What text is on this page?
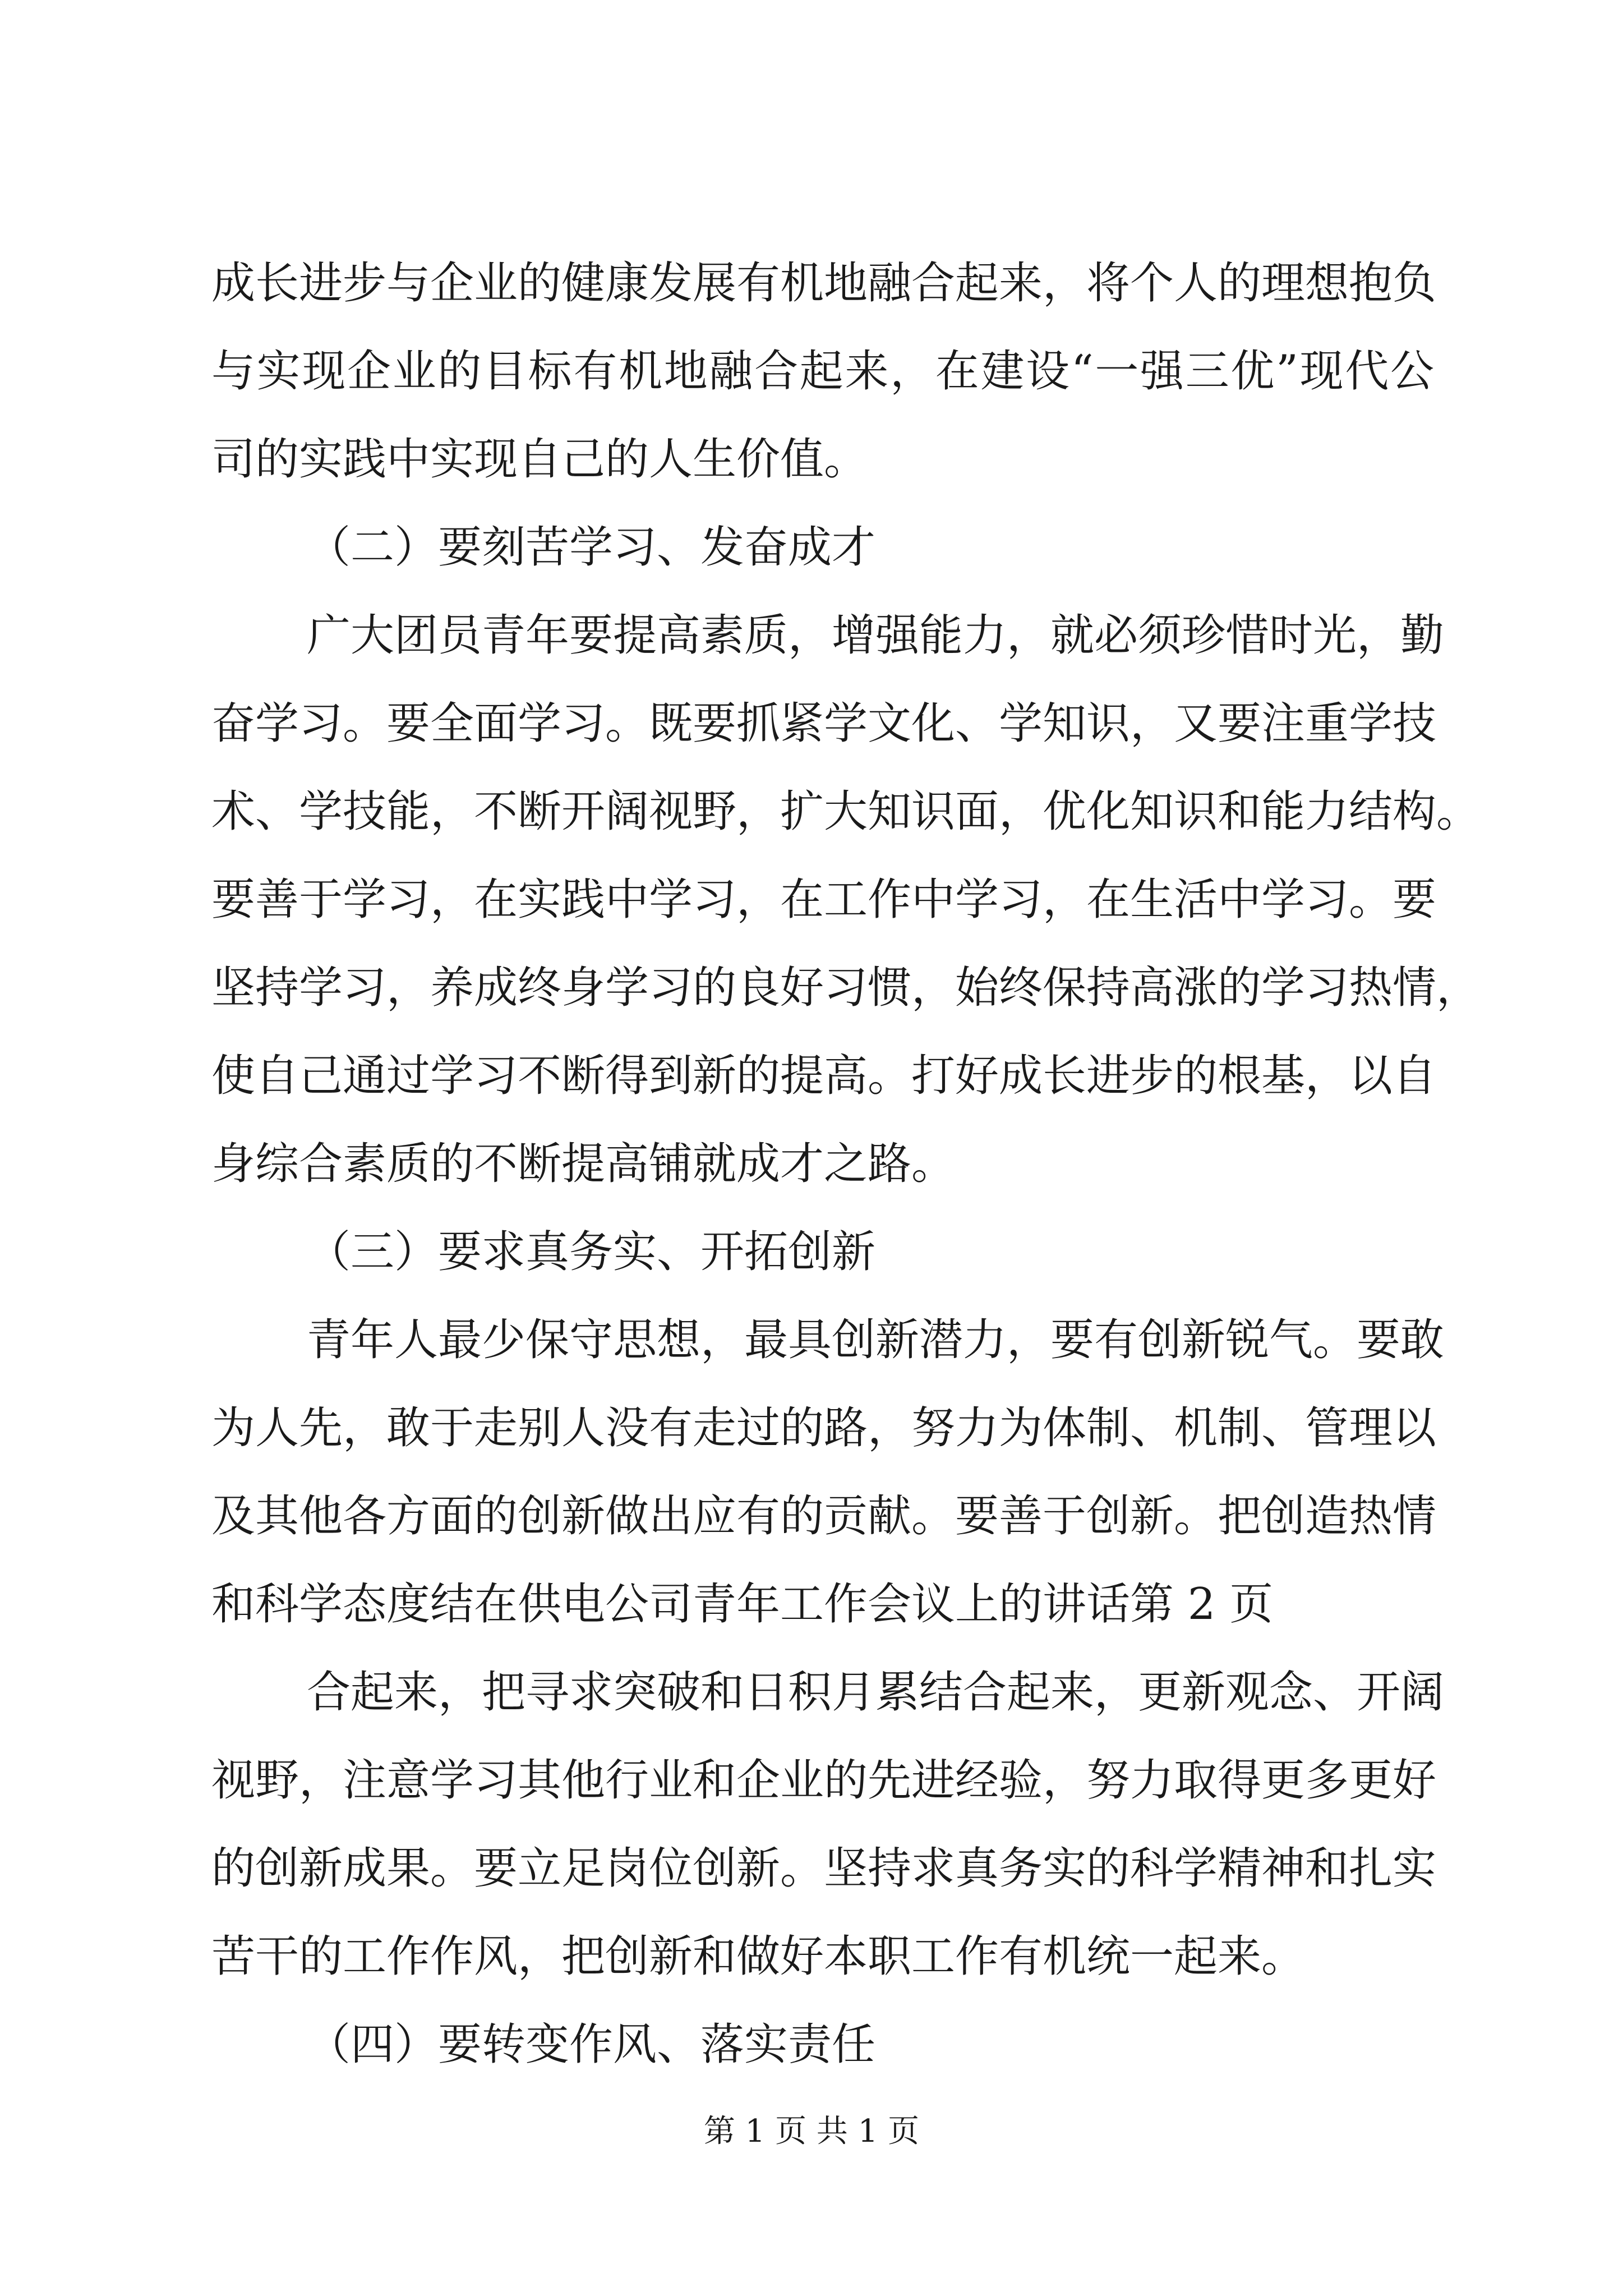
成长进步与企业的健康发展有机地融合起来，将个人的理想抱负
与实现企业的目标有机地融合起来，在建设“一强三优”现代公
司的实践中实现自己的人生价值。
（二）要刻苦学习、发奋成才
广大团员青年要提高素质，增强能力，就必须珍惜时光，勤
奋学习。要全面学习。既要抓紧学文化、学知识，又要注重学技
术、学技能，不断开阔视野，扩大知识面，优化知识和能力结构。
要善于学习，在实践中学习，在工作中学习，在生活中学习。要
坚持学习，养成终身学习的良好习惯，始终保持高涨的学习热情，
使自己通过学习不断得到新的提高。打好成长进步的根基，以自
身综合素质的不断提高铺就成才之路。
（三）要求真务实、开拓创新
青年人最少保守思想，最具创新潜力，要有创新锐气。要敢
为人先，敢于走别人没有走过的路，努力为体制、机制、管理以
及其他各方面的创新做出应有的贡献。要善于创新。把创造热情
和科学态度结在供电公司青年工作会议上的讲话第 2 页
合起来，把寻求突破和日积月累结合起来，更新观念、开阔
视野，注意学习其他行业和企业的先进经验，努力取得更多更好
的创新成果。要立足岗位创新。坚持求真务实的科学精神和扎实
苦干的工作作风，把创新和做好本职工作有机统一起来。
（四）要转变作风、落实责任
第 1 页 共 1 页
